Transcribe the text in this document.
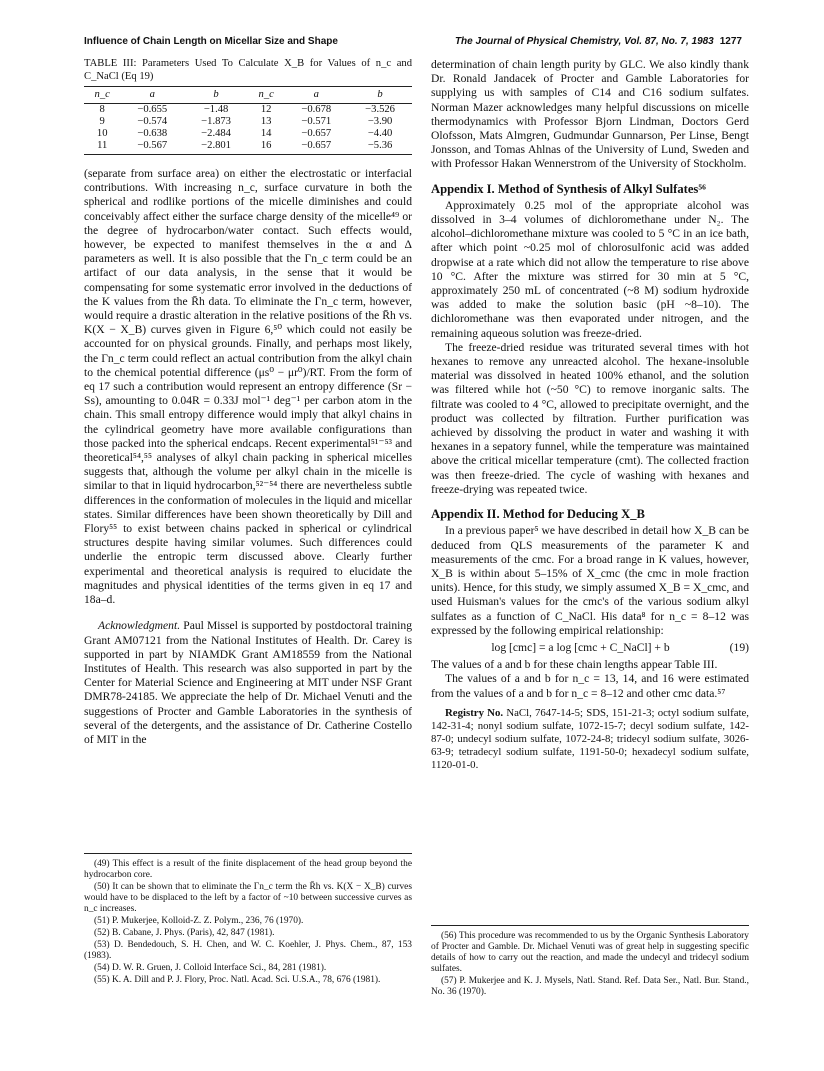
Influence of Chain Length on Micellar Size and Shape	The Journal of Physical Chemistry, Vol. 87, No. 7, 1983 1277
TABLE III: Parameters Used To Calculate X_B for Values of n_c and C_NaCl (Eq 19)
n_c	a	b	n_c	a	b
8	−0.655	−1.48	12	−0.678	−3.526
9	−0.574	−1.873	13	−0.571	−3.90
10	−0.638	−2.484	14	−0.657	−4.40
11	−0.567	−2.801	16	−0.657	−5.36

(separate from surface area) on either the electrostatic or interfacial contributions. With increasing n_c, surface curvature in both the spherical and rodlike portions of the micelle diminishes and could conceivably affect either the surface charge density of the micelle⁴⁹ or the degree of hydrocarbon/water contact. Such effects would, however, be expected to manifest themselves in the α and Δ parameters as well. It is also possible that the Γn_c term could be an artifact of our data analysis, in the sense that it would be compensating for some systematic error involved in the deductions of the K values from the R̄h data. To eliminate the Γn_c term, however, would require a drastic alteration in the relative positions of the R̄h vs. K(X − X_B) curves given in Figure 6,⁵⁰ which could not easily be accounted for on physical grounds. Finally, and perhaps most likely, the Γn_c term could reflect an actual contribution from the alkyl chain to the chemical potential difference (μs⁰ − μr⁰)/RT. From the form of eq 17 such a contribution would represent an entropy difference (Sr − Ss), amounting to 0.04R = 0.33J mol⁻¹ deg⁻¹ per carbon atom in the chain. This small entropy difference would imply that alkyl chains in the cylindrical geometry have more available configurations than those packed into the spherical endcaps. Recent experimental⁵¹⁻⁵³ and theoretical⁵⁴,⁵⁵ analyses of alkyl chain packing in spherical micelles suggests that, although the volume per alkyl chain in the micelle is similar to that in liquid hydrocarbon,⁵²⁻⁵⁴ there are nevertheless subtle differences in the conformation of molecules in the liquid and micellar states. Similar differences have been shown theoretically by Dill and Flory⁵⁵ to exist between chains packed in spherical or cylindrical structures despite having similar volumes. Such differences could underlie the entropic term discussed above. Clearly further experimental and theoretical analysis is required to elucidate the magnitudes and physical identities of the terms given in eq 17 and 18a–d.

Acknowledgment. Paul Missel is supported by postdoctoral training Grant AM07121 from the National Institutes of Health. Dr. Carey is supported in part by NIAMDK Grant AM18559 from the National Institutes of Health. This research was also supported in part by the Center for Material Science and Engineering at MIT under NSF Grant DMR78-24185. We appreciate the help of Dr. Michael Venuti and the suggestions of Procter and Gamble Laboratories in the synthesis of several of the detergents, and the assistance of Dr. Catherine Costello of MIT in the

(49) This effect is a result of the finite displacement of the head group beyond the hydrocarbon core.

(50) It can be shown that to eliminate the Γn_c term the R̄h vs. K(X − X_B) curves would have to be displaced to the left by a factor of ~10 between successive curves as n_c increases.

(51) P. Mukerjee, Kolloid-Z. Z. Polym., 236, 76 (1970).

(52) B. Cabane, J. Phys. (Paris), 42, 847 (1981).

(53) D. Bendedouch, S. H. Chen, and W. C. Koehler, J. Phys. Chem., 87, 153 (1983).

(54) D. W. R. Gruen, J. Colloid Interface Sci., 84, 281 (1981).

(55) K. A. Dill and P. J. Flory, Proc. Natl. Acad. Sci. U.S.A., 78, 676 (1981).

determination of chain length purity by GLC. We also kindly thank Dr. Ronald Jandacek of Procter and Gamble Laboratories for supplying us with samples of C14 and C16 sodium sulfates. Norman Mazer acknowledges many helpful discussions on micelle thermodynamics with Professor Bjorn Lindman, Doctors Gerd Olofsson, Mats Almgren, Gudmundar Gunnarson, Per Linse, Bengt Jonsson, and Tomas Ahlnas of the University of Lund, Sweden and with Professor Hakan Wennerstrom of the University of Stockholm.

Appendix I. Method of Synthesis of Alkyl Sulfates⁵⁶

Approximately 0.25 mol of the appropriate alcohol was dissolved in 3–4 volumes of dichloromethane under N₂. The alcohol–dichloromethane mixture was cooled to 5 °C in an ice bath, after which point ~0.25 mol of chlorosulfonic acid was added dropwise at a rate which did not allow the temperature to rise above 10 °C. After the mixture was stirred for 30 min at 5 °C, approximately 250 mL of concentrated (~8 M) sodium hydroxide was added to make the solution basic (pH ~8–10). The dichloromethane was then evaporated under nitrogen, and the remaining aqueous solution was freeze-dried.

The freeze-dried residue was triturated several times with hot hexanes to remove any unreacted alcohol. The hexane-insoluble material was dissolved in heated 100% ethanol, and the solution was filtered while hot (~50 °C) to remove inorganic salts. The filtrate was cooled to 4 °C, allowed to precipitate overnight, and the product was collected by filtration. Further purification was achieved by dissolving the product in water and washing it with hexanes in a sepatory funnel, while the temperature was maintained above the critical micellar temperature (cmt). The collected fraction was then freeze-dried. The cycle of washing with hexanes and freeze-drying was repeated twice.

Appendix II. Method for Deducing X_B

In a previous paper⁵ we have described in detail how X_B can be deduced from QLS measurements of the parameter K and measurements of the cmc. For a broad range in K values, however, X_B is within about 5–15% of X_cmc (the cmc in mole fraction units). Hence, for this study, we simply assumed X_B = X_cmc, and used Huisman's values for the cmc's of the various sodium alkyl sulfates as a function of C_NaCl. His data⁸ for n_c = 8–12 was expressed by the following empirical relationship:

log [cmc] = a log [cmc + C_NaCl] + b	(19)

The values of a and b for these chain lengths appear Table III.

The values of a and b for n_c = 13, 14, and 16 were estimated from the values of a and b for n_c = 8–12 and other cmc data.⁵⁷

Registry No. NaCl, 7647-14-5; SDS, 151-21-3; octyl sodium sulfate, 142-31-4; nonyl sodium sulfate, 1072-15-7; decyl sodium sulfate, 142-87-0; undecyl sodium sulfate, 1072-24-8; tridecyl sodium sulfate, 3026-63-9; tetradecyl sodium sulfate, 1191-50-0; hexadecyl sodium sulfate, 1120-01-0.

(56) This procedure was recommended to us by the Organic Synthesis Laboratory of Procter and Gamble. Dr. Michael Venuti was of great help in suggesting specific details of how to carry out the reaction, and made the undecyl and tridecyl sodium sulfates.

(57) P. Mukerjee and K. J. Mysels, Natl. Stand. Ref. Data Ser., Natl. Bur. Stand., No. 36 (1970).
